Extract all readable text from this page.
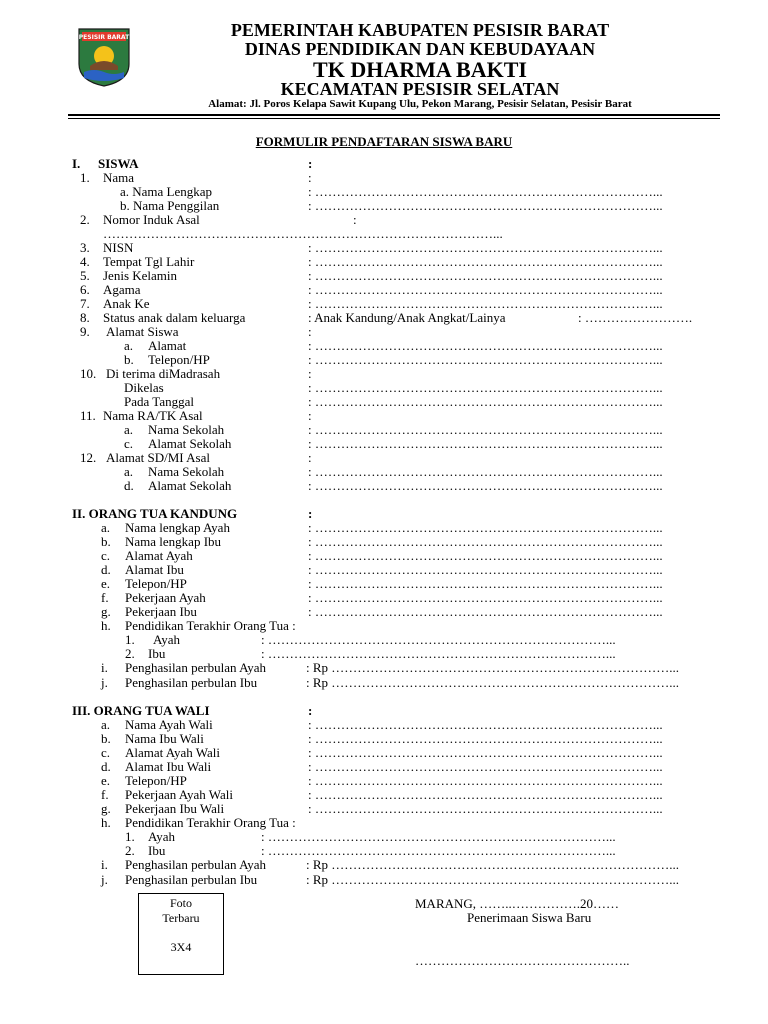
PESISIR BARAT	PEMERINTAH KABUPATEN PESISIR BARAT
DINAS PENDIDIKAN DAN KEBUDAYAAN
TK DHARMA BAKTI
KECAMATAN PESISIR SELATAN
Alamat: Jl. Poros Kelapa Sawit Kupang Ulu, Pekon Marang, Pesisir Selatan, Pesisir Barat
FORMULIR PENDAFTARAN SISWA BARU
I. SISWA	:
1. Nama	:
a. Nama Lengkap	: ……………………………………………………………………...
b. Nama Penggilan	: ……………………………………………………………………...
2. Nomor Induk Asal	:
………………………………………………………………………………...
3. NISN	: ……………………………………………………………………...
4. Tempat Tgl Lahir	: ……………………………………………………………………...
5. Jenis Kelamin	: ……………………………………………………………………...
6. Agama	: ……………………………………………………………………...
7. Anak Ke	: ……………………………………………………………………...
8. Status anak dalam keluarga	: Anak Kandung/Anak Angkat/Lainya	: …………………….
9. Alamat Siswa	:
a. Alamat	: ……………………………………………………………………...
b. Telepon/HP	: ……………………………………………………………………...
10. Di terima diMadrasah	:
Dikelas	: ……………………………………………………………………...
Pada Tanggal	: ……………………………………………………………………...
11. Nama RA/TK Asal	:
a. Nama Sekolah	: ……………………………………………………………………...
c. Alamat Sekolah	: ……………………………………………………………………...
12. Alamat SD/MI Asal	:
a. Nama Sekolah	: ……………………………………………………………………...
d. Alamat Sekolah	: ……………………………………………………………………...
II. ORANG TUA KANDUNG	:
a. Nama lengkap Ayah	: ……………………………………………………………………...
b. Nama lengkap Ibu	: ……………………………………………………………………...
c. Alamat Ayah	: ……………………………………………………………………...
d. Alamat Ibu	: ……………………………………………………………………...
e. Telepon/HP	: ……………………………………………………………………...
f. Pekerjaan Ayah	: ……………………………………………………………………...
g. Pekerjaan Ibu	: ……………………………………………………………………...
h. Pendidikan Terakhir Orang Tua :
1. Ayah	: ……………………………………………………………………...
2. Ibu	: ……………………………………………………………………...
i. Penghasilan perbulan Ayah	: Rp ……………………………………………………………………...
j. Penghasilan perbulan Ibu	: Rp ……………………………………………………………………...
III. ORANG TUA WALI	:
a. Nama Ayah Wali	: ……………………………………………………………………...
b. Nama Ibu Wali	: ……………………………………………………………………...
c. Alamat Ayah Wali	: ……………………………………………………………………...
d. Alamat Ibu Wali	: ……………………………………………………………………...
e. Telepon/HP	: ……………………………………………………………………...
f. Pekerjaan Ayah Wali	: ……………………………………………………………………...
g. Pekerjaan Ibu Wali	: ……………………………………………………………………...
h. Pendidikan Terakhir Orang Tua :
1. Ayah	: ……………………………………………………………………...
2. Ibu	: ……………………………………………………………………...
i. Penghasilan perbulan Ayah	: Rp ……………………………………………………………………...
j. Penghasilan perbulan Ibu	: Rp ……………………………………………………………………...
Foto
Terbaru
3X4
MARANG, ……..…………….20……
Penerimaan Siswa Baru
…………………………………………..
